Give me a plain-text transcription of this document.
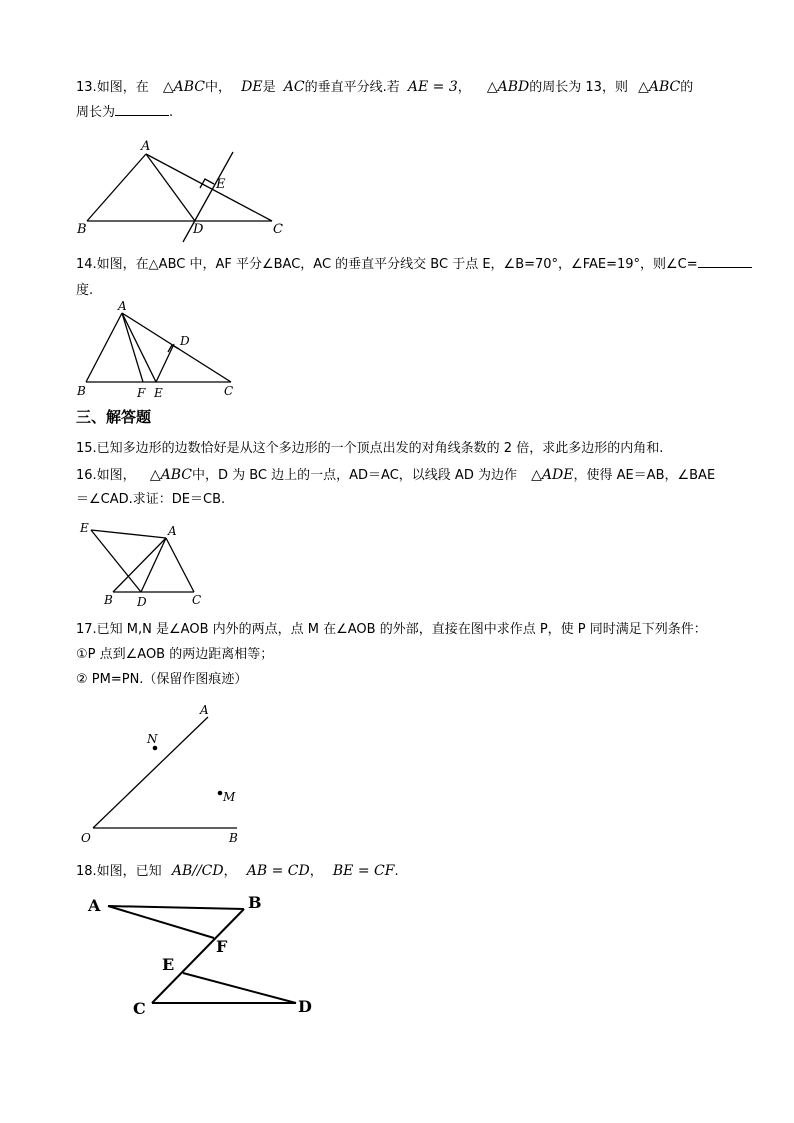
13.如图，在 △ABC中， DE是 AC的垂直平分线.若 AE = 3， △ABD的周长为 13，则 △ABC的
周长为	.
A
B	C
D
E
14.如图，在△ABC 中，AF 平分∠BAC，AC 的垂直平分线交 BC 于点 E，∠B=70°，∠FAE=19°，则∠C=
度.
A
B	C
D
E
F
三、解答题
15.已知多边形的边数恰好是从这个多边形的一个顶点出发的对角线条数的 2 倍，求此多边形的内角和.
16.如图， △ABC中，D 为 BC 边上的一点，AD＝AC，以线段 AD 为边作 △ADE，使得 AE＝AB，∠BAE
＝∠CAD.求证：DE＝CB.
E	A
B D	C
17.已知 M,N 是∠AOB 内外的两点，点 M 在∠AOB 的外部，直接在图中求作点 P，使 P 同时满足下列条件：
①P 点到∠AOB 的两边距离相等；
② PM=PN.（保留作图痕迹）
A
B
O
N
M
18.如图，已知 AB//CD， AB = CD， BE = CF.
A	B
C	D
E
F
